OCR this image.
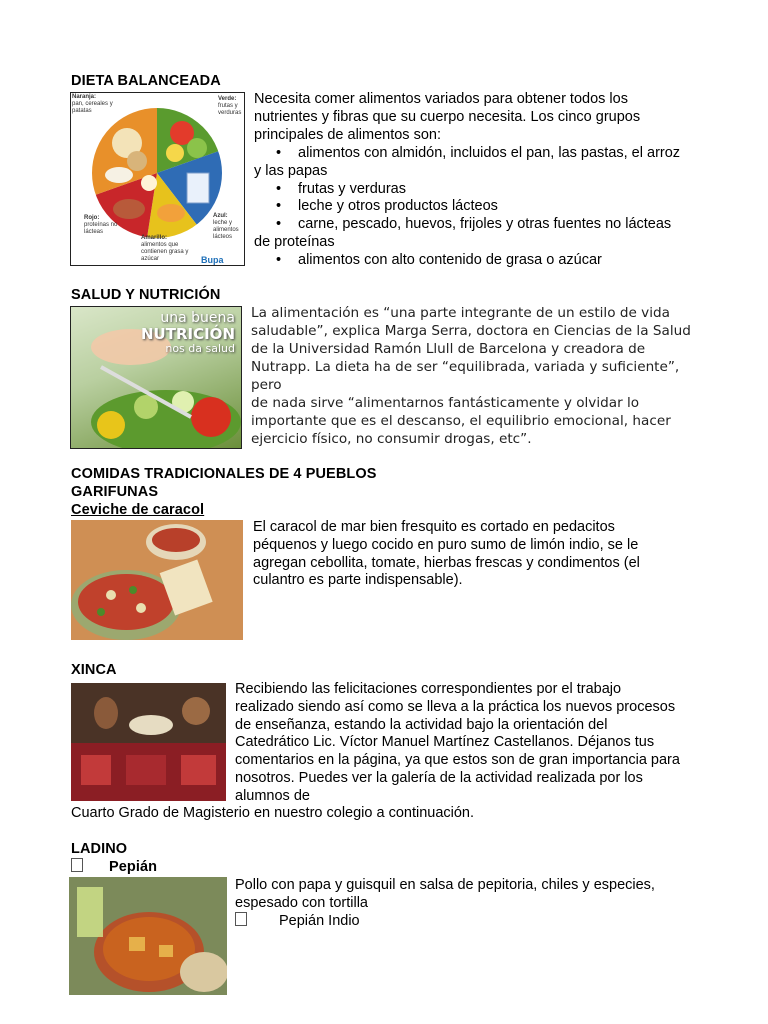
DIETA BALANCEADA
Naranja:
pan, cereales y patatas
Verde:
frutas y verduras
Rojo:
proteínas no lácteas
Azul:
leche y alimentos lácteos
Amarillo:
alimentos que contienen grasa y azúcar	Bupa
Necesita comer alimentos variados para obtener todos los nutrientes y fibras que su cuerpo necesita. Los cinco grupos principales de alimentos son:
• alimentos con almidón, incluidos el pan, las pastas, el arroz
y las papas
• frutas y verduras
• leche y otros productos lácteos
• carne, pescado, huevos, frijoles y otras fuentes no lácteas
de proteínas
• alimentos con alto contenido de grasa o azúcar
SALUD Y NUTRICIÓN
una buena
NUTRICIÓN
nos da salud
La alimentación es “una parte integrante de un estilo de vida
saludable”, explica Marga Serra, doctora en Ciencias de la Salud
de la Universidad Ramón Llull de Barcelona y creadora de
Nutrapp. La dieta ha de ser “equilibrada, variada y suficiente”, pero
de nada sirve “alimentarnos fantásticamente y olvidar lo
importante que es el descanso, el equilibrio emocional, hacer
ejercicio físico, no consumir drogas, etc”.
COMIDAS TRADICIONALES DE 4 PUEBLOS
GARIFUNAS
Ceviche de caracol
El caracol de mar bien fresquito es cortado en pedacitos péquenos y luego cocido en puro sumo de limón indio, se le agregan cebollita, tomate, hierbas frescas y condimentos (el culantro es parte indispensable).
XINCA
Recibiendo las felicitaciones correspondientes por el trabajo realizado siendo así como se lleva a la práctica los nuevos procesos de enseñanza, estando la actividad bajo la orientación del Catedrático Lic. Víctor Manuel Martínez Castellanos. Déjanos tus comentarios en la página, ya que estos son de gran importancia para nosotros. Puedes ver la galería de la actividad realizada por los alumnos de
Cuarto Grado de Magisterio en nuestro colegio a continuación.
LADINO
Pepián
Pollo con papa y guisquil en salsa de pepitoria, chiles y especies, espesado con tortilla
Pepián Indio
